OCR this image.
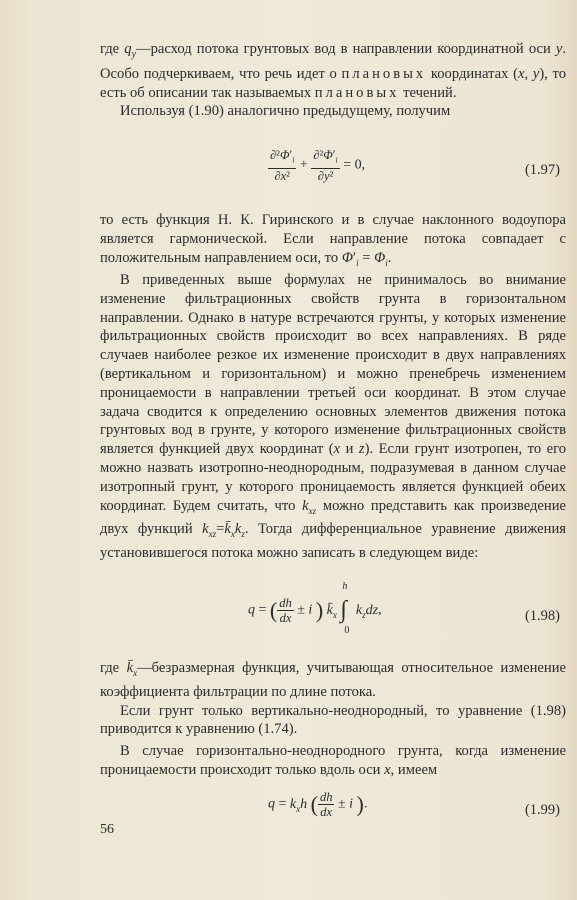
где $q_y—расход$ потока грунтовых вод в направлении координатной оси y. Особо подчеркиваем, что речь идет о плановых координатах (x, y), то есть об описании так называемых плановых течений.

Используя (1.90) аналогично предыдущему, получим

$\frac{\partial^2\Phi'_i}{\text{∂x²}} + \frac{\partial^2\Phi'_i}{\text{∂y²}} = 0$,	(1.97)

то есть функция Н. К. Гиринского и в случае наклонного водоупора является гармонической. Если направление потока совпадает с положительным направлением оси, то $\Phi'_i = \Phi_i$.

В приведенных выше формулах не принималось во внимание изменение фильтрационных свойств грунта в горизонтальном направлении. Однако в натуре встречаются грунты, у которых изменение фильтрационных свойств происходит во всех направлениях. В ряде случаев наиболее резкое их изменение происходит в двух направлениях (вертикальном и горизонтальном) и можно пренебречь изменением проницаемости в направлении третьей оси координат. В этом случае задача сводится к определению основных элементов движения потока грунтовых вод в грунте, у которого изменение фильтрационных свойств является функцией двух координат (x и z). Если грунт изотропен, то его можно назвать изотропно-неоднородным, подразумевая в данном случае изотропный грунт, у которого проницаемость является функцией обеих координат. Будем считать, что $k_{xz}$ можно представить как произведение двух функций $k_{xz}=k̄_xk_z$. Тогда дифференциальное уравнение движения установившегося потока можно записать в следующем виде:

q = ( $\frac{dh}{dx} \pm i$ ) $k̄_x$ ∫
h
0
$k_zdz$,	(1.98)

где $k̄_x—безразмерная$ функция, учитывающая относительное изменение коэффициента фильтрации по длине потока.

Если грунт только вертикально-неоднородный, то уравнение (1.98) приводится к уравнению (1.74).

В случае горизонтально-неоднородного грунта, когда изменение проницаемости происходит только вдоль оси x, имеем

$q = k_xh$ ( $\frac{dh}{dx} \pm i$ ).	(1.99)
56
